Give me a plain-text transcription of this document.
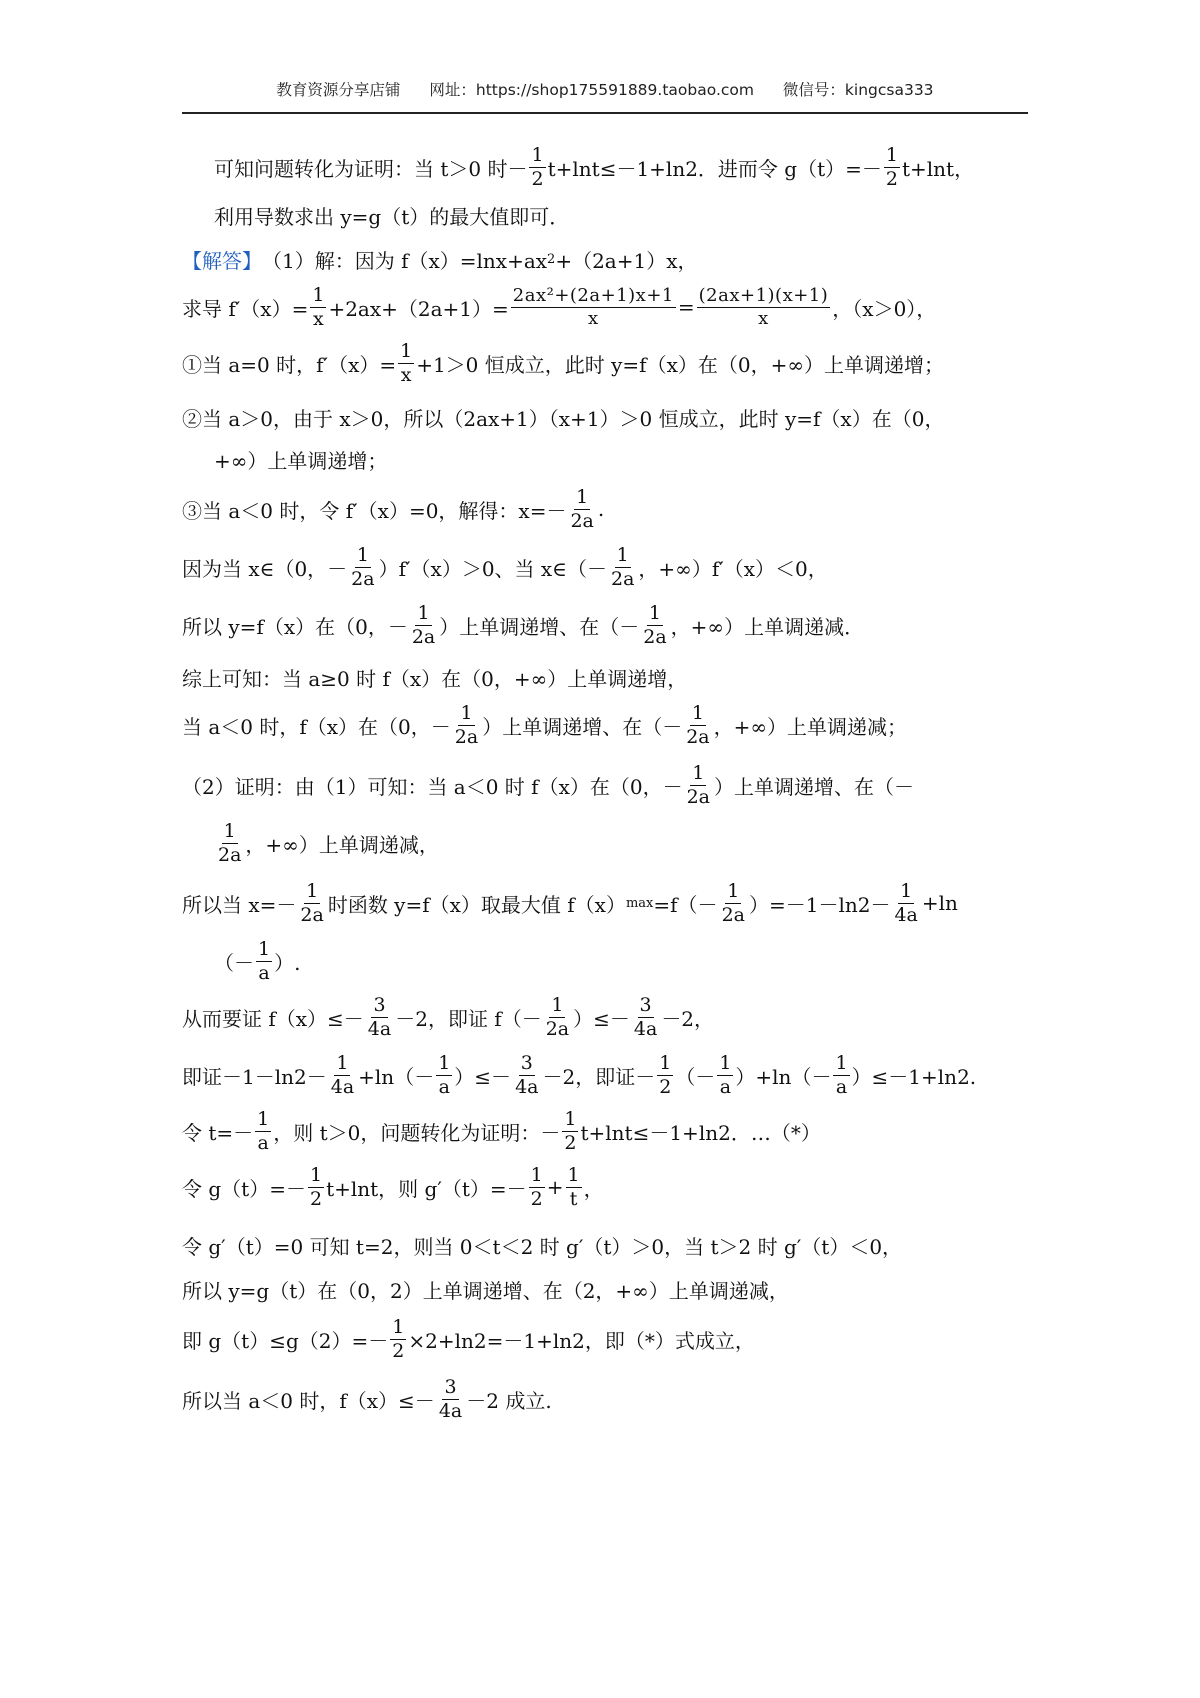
教育资源分享店铺 网址：https://shop175591889.taobao.com 微信号：kingcsa333
可知问题转化为证明：当 t＞0 时－ $\frac{1}{2} t+\ln t\le-1+\ln 2$．进而令 $g(t)=- \frac{1}{2} t+\ln t$，
利用导数求出 y=g（t）的最大值即可．
【解答】 （1）解：因为 f（x）=lnx+ax 2 +（2a+1）x，
求导 $f'(x)= \frac{1}{x} +2ax+(2a+1)= \frac{\text{2ax²+(2a+1)x+1}}{x} = \frac{(2ax+1)(x+1)}{x}$ ，（x＞0），
①当 a=0 时，$f'(x)= \frac{1}{x} +1>0$ 恒成立，此时 y=f（x）在（0，+∞）上单调递增；
②当 a＞0，由于 x＞0，所以（2ax+1）（x+1）＞0 恒成立，此时 y=f（x）在（0，
+∞）上单调递增；
③当 a＜0 时，令 f′（x）=0，解得：$x=- \frac{1}{2a}$ .
因为当 x∈（0，－ $\frac{1}{2a} )f'(x)>0$、当 x∈（－ $\frac{1}{2a}$ ，+∞）f′（x）＜0，
所以 y=f（x）在（0，－ $\frac{1}{2a}$ ）上单调递增、在（－ $\frac{1}{2a}$ ，+∞）上单调递减．
综上可知：当 a≥0 时 f（x）在（0，+∞）上单调递增，
当 a＜0 时，f（x）在（0，－ $\frac{1}{2a}$ ）上单调递增、在（－ $\frac{1}{2a}$ ，+∞）上单调递减；
（2）证明：由（1）可知：当 a＜0 时 f（x）在（0，－ $\frac{1}{2a}$ ）上单调递增、在（－
$\frac{1}{2a}$ ，+∞）上单调递减，
所以当 $x=- \frac{1}{2a}$ 时函数 y=f（x）取最大值 f（x） $\max =f(- \frac{1}{2a} )=-1-\ln 2- \frac{1}{4a} +\ln$
（－ $\frac{1}{a}$ ）.
从而要证 $f(x)\le- \frac{3}{4a} -2$，即证 $f(- \frac{1}{2a}$ ）≤－ $\frac{3}{4a} -2$，
即证$-1-\ln 2- \frac{1}{4a} +\ln(- \frac{1}{a}$ ）≤－ $\frac{3}{4a} -2$，即证－ $\frac{1}{2}$ （－ $\frac{1}{a} )+\ln(- \frac{1}{a} )\le-1+\ln 2$.
令 $t=- \frac{1}{a}$ ，则 t＞0，问题转化为证明：－ $\frac{1}{2} t+\ln t\le-1+\ln 2$．…（*）
令 $g(t)=- \frac{1}{2} t+\ln t$，则 $g'(t)=- \frac{1}{2} + \frac{1}{t}$ ，
令 g′（t）=0 可知 t=2，则当 0＜t＜2 时 g′（t）＞0，当 t＞2 时 g′（t）＜0，
所以 y=g（t）在（0，2）上单调递增、在（2，+∞）上单调递减，
即 $g(t)\le g(2)=- \frac{1}{2} \times 2+\ln 2=-1+\ln 2$，即（*）式成立，
所以当 a＜0 时，$f(x)\le- \frac{3}{4a} -2$ 成立.
